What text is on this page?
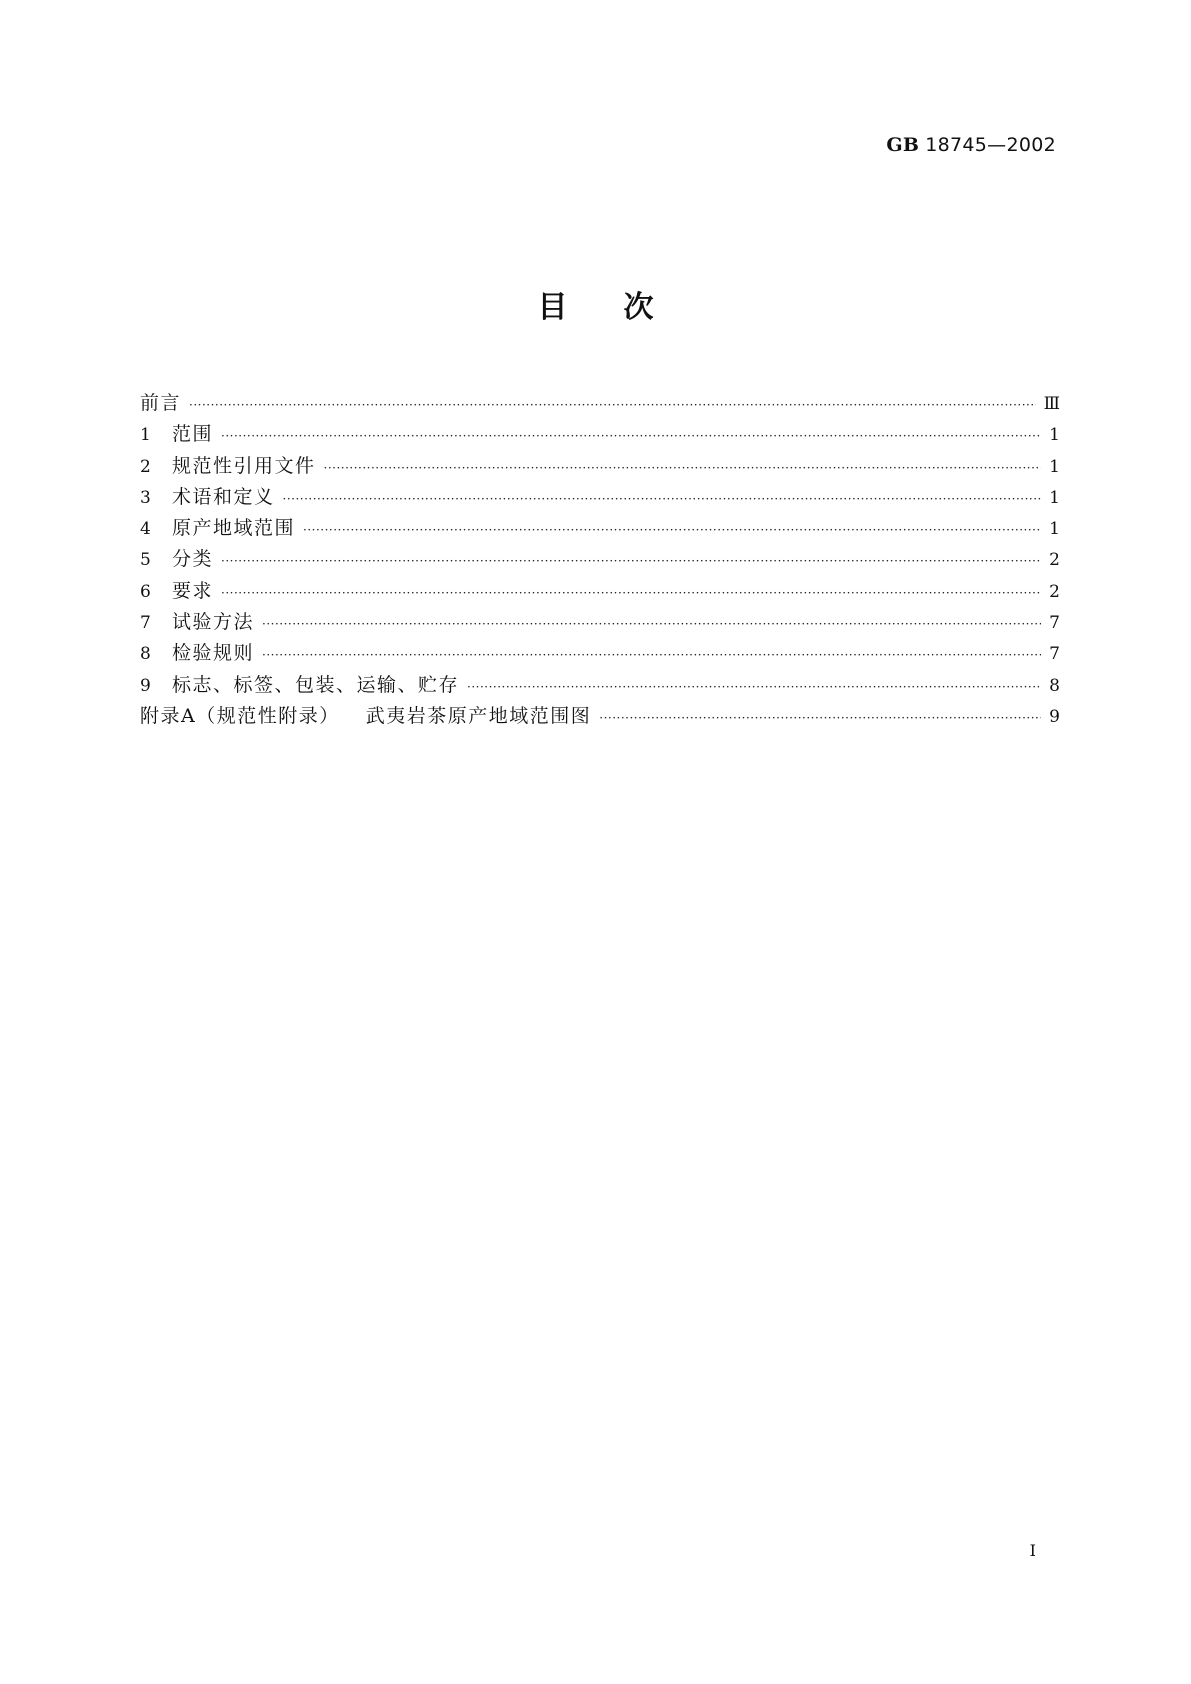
GB 18745—2002
目次
前言 ·····	Ⅲ
1	范围 ·····	1
2	规范性引用文件 ·····	1
3	术语和定义 ·····	1
4	原产地域范围 ·····	1
5	分类 ·····	2
6	要求 ·····	2
7	试验方法 ·····	7
8	检验规则 ·····	7
9	标志、标签、包装、运输、贮存 ·····	8
附录A（规范性附录） 武夷岩茶原产地域范围图 ·····	9
Ⅰ
